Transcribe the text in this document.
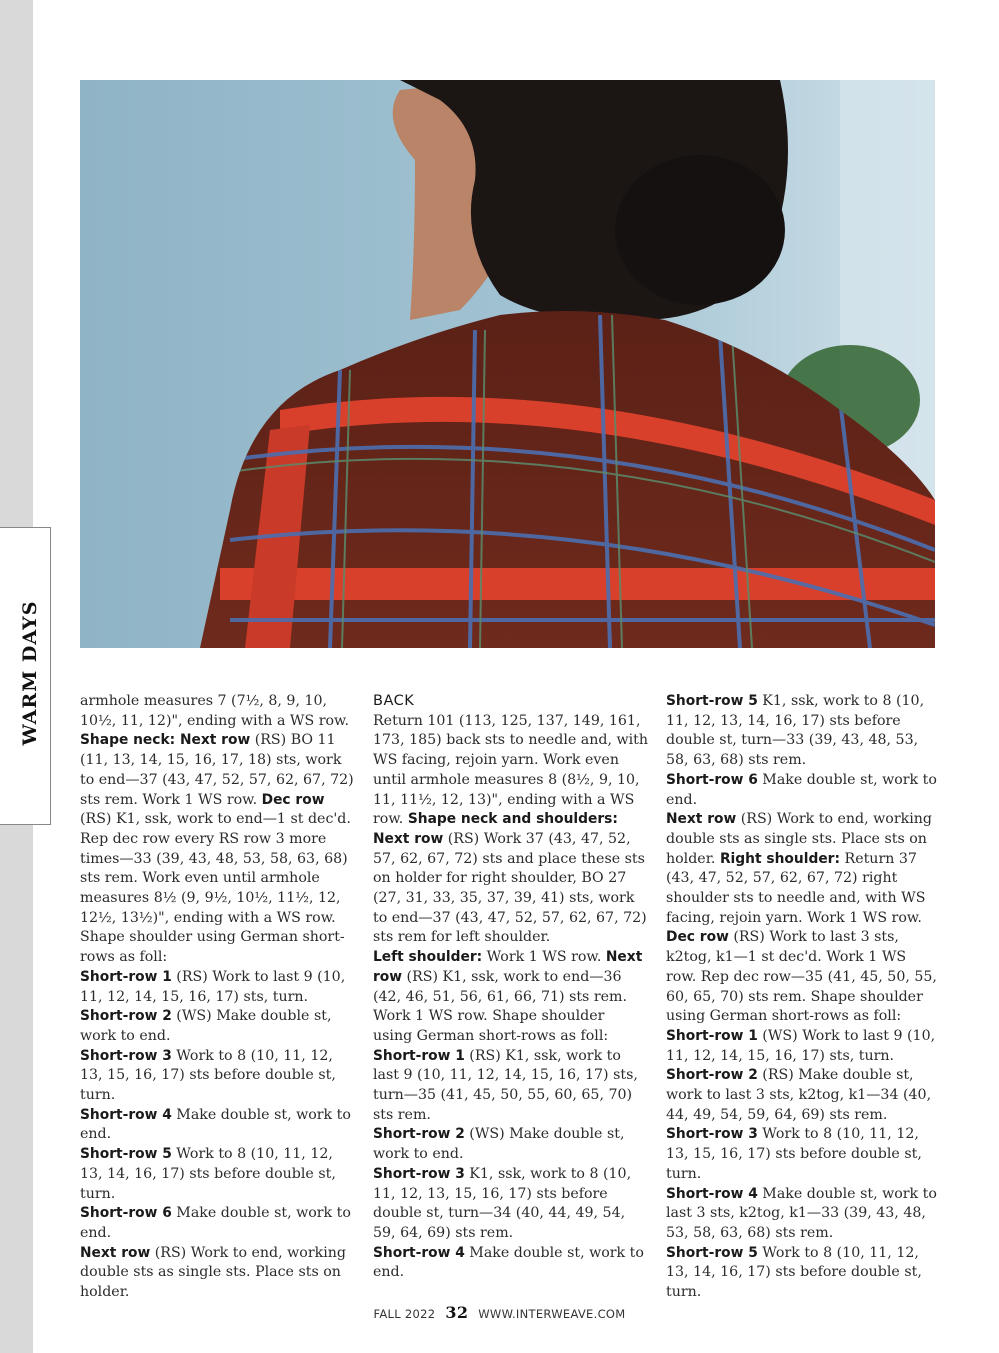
WARM DAYS	armhole measures 7 (7½, 8, 9, 10, 10½, 11, 12)", ending with a WS row. Shape neck: Next row (RS) BO 11 (11, 13, 14, 15, 16, 17, 18) sts, work to end—37 (43, 47, 52, 57, 62, 67, 72) sts rem. Work 1 WS row. Dec row (RS) K1, ssk, work to end—1 st dec'd. Rep dec row every RS row 3 more times—33 (39, 43, 48, 53, 58, 63, 68) sts rem. Work even until armhole measures 8½ (9, 9½, 10½, 11½, 12, 12½, 13½)", ending with a WS row. Shape shoulder using German short-rows as foll:

Short-row 1 (RS) Work to last 9 (10, 11, 12, 14, 15, 16, 17) sts, turn.

Short-row 2 (WS) Make double st, work to end.

Short-row 3 Work to 8 (10, 11, 12, 13, 15, 16, 17) sts before double st, turn.

Short-row 4 Make double st, work to end.

Short-row 5 Work to 8 (10, 11, 12, 13, 14, 16, 17) sts before double st, turn.

Short-row 6 Make double st, work to end.

Next row (RS) Work to end, working double sts as single sts. Place sts on holder.

BACK

Return 101 (113, 125, 137, 149, 161, 173, 185) back sts to needle and, with WS facing, rejoin yarn. Work even until armhole measures 8 (8½, 9, 10, 11, 11½, 12, 13)", ending with a WS row. Shape neck and shoulders: Next row (RS) Work 37 (43, 47, 52, 57, 62, 67, 72) sts and place these sts on holder for right shoulder, BO 27 (27, 31, 33, 35, 37, 39, 41) sts, work to end—37 (43, 47, 52, 57, 62, 67, 72) sts rem for left shoulder.

Left shoulder: Work 1 WS row. Next row (RS) K1, ssk, work to end—36 (42, 46, 51, 56, 61, 66, 71) sts rem. Work 1 WS row. Shape shoulder using German short-rows as foll:

Short-row 1 (RS) K1, ssk, work to last 9 (10, 11, 12, 14, 15, 16, 17) sts, turn—35 (41, 45, 50, 55, 60, 65, 70) sts rem.

Short-row 2 (WS) Make double st, work to end.

Short-row 3 K1, ssk, work to 8 (10, 11, 12, 13, 15, 16, 17) sts before double st, turn—34 (40, 44, 49, 54, 59, 64, 69) sts rem.

Short-row 4 Make double st, work to end.

Short-row 5 K1, ssk, work to 8 (10, 11, 12, 13, 14, 16, 17) sts before double st, turn—33 (39, 43, 48, 53, 58, 63, 68) sts rem.

Short-row 6 Make double st, work to end.

Next row (RS) Work to end, working double sts as single sts. Place sts on holder. Right shoulder: Return 37 (43, 47, 52, 57, 62, 67, 72) right shoulder sts to needle and, with WS facing, rejoin yarn. Work 1 WS row. Dec row (RS) Work to last 3 sts, k2tog, k1—1 st dec'd. Work 1 WS row. Rep dec row—35 (41, 45, 50, 55, 60, 65, 70) sts rem. Shape shoulder using German short-rows as foll:

Short-row 1 (WS) Work to last 9 (10, 11, 12, 14, 15, 16, 17) sts, turn.

Short-row 2 (RS) Make double st, work to last 3 sts, k2tog, k1—34 (40, 44, 49, 54, 59, 64, 69) sts rem.

Short-row 3 Work to 8 (10, 11, 12, 13, 15, 16, 17) sts before double st, turn.

Short-row 4 Make double st, work to last 3 sts, k2tog, k1—33 (39, 43, 48, 53, 58, 63, 68) sts rem.

Short-row 5 Work to 8 (10, 11, 12, 13, 14, 16, 17) sts before double st, turn.

FALL 2022 32 WWW.INTERWEAVE.COM
